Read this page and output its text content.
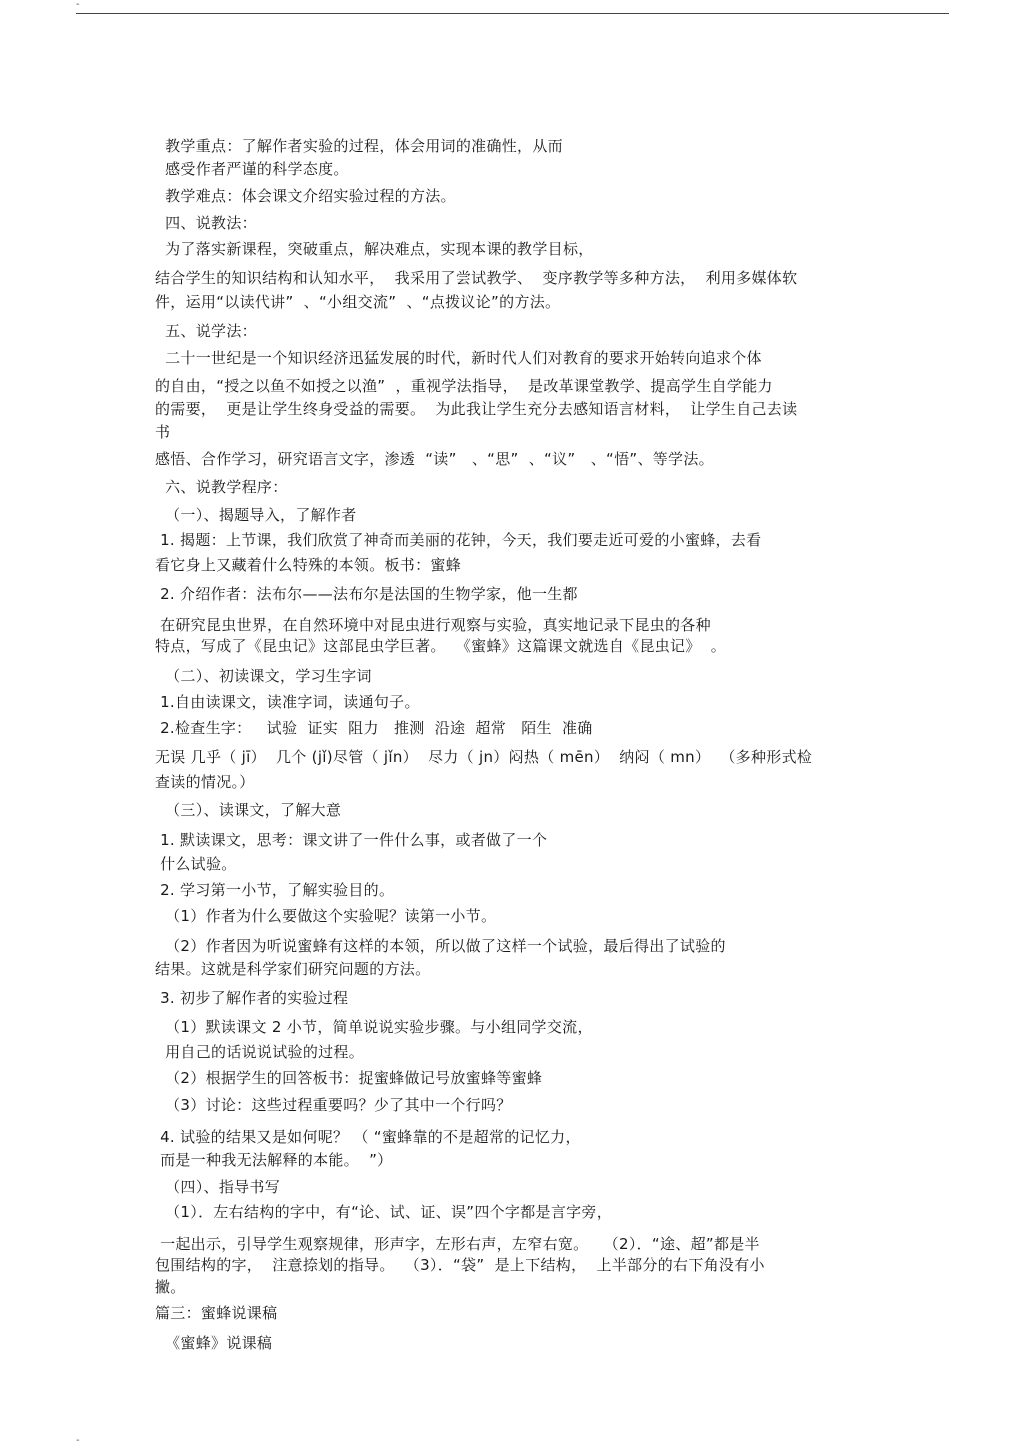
-
教学重点：了解作者实验的过程，体会用词的准确性，从而
感受作者严谨的科学态度。
教学难点：体会课文介绍实验过程的方法。
四、说教法：
为了落实新课程，突破重点，解决难点，实现本课的教学目标，
结合学生的知识结构和认知水平，  我采用了尝试教学、  变序教学等多种方法，  利用多媒体软
件，运用“以读代讲”  、“小组交流”  、“点拨议论”的方法。
五、说学法：
二十一世纪是一个知识经济迅猛发展的时代，新时代人们对教育的要求开始转向追求个体
的自由，“授之以鱼不如授之以渔”  ，重视学法指导，  是改革课堂教学、提高学生自学能力
的需要，  更是让学生终身受益的需要。  为此我让学生充分去感知语言材料，  让学生自己去读
书
感悟、合作学习，研究语言文字，渗透  “读”   、“思”  、“议”   、“悟”、等学法。
六、说教学程序：
（一）、揭题导入，了解作者
1. 揭题：上节课，我们欣赏了神奇而美丽的花钟，今天，我们要走近可爱的小蜜蜂，去看
看它身上又藏着什么特殊的本领。板书：蜜蜂
2. 介绍作者：法布尔——法布尔是法国的生物学家，他一生都
在研究昆虫世界，在自然环境中对昆虫进行观察与实验，真实地记录下昆虫的各种
特点，写成了《昆虫记》这部昆虫学巨著。  《蜜蜂》这篇课文就选自《昆虫记》  。
（二）、初读课文，学习生字词
1.自由读课文，读准字词，读通句子。
2.检查生字：   试验  证实  阻力   推测  沿途  超常   陌生  准确
无误 几乎（ jī）  几个 (jǐ)尽管（ jǐn）  尽力（ jn）闷热（ mēn）  纳闷（ mn）  （多种形式检
查读的情况。）
（三）、读课文，了解大意
1. 默读课文，思考：课文讲了一件什么事，或者做了一个
什么试验。
2. 学习第一小节，了解实验目的。
（1）作者为什么要做这个实验呢？读第一小节。
（2）作者因为听说蜜蜂有这样的本领，所以做了这样一个试验，最后得出了试验的
结果。这就是科学家们研究问题的方法。
3. 初步了解作者的实验过程
（1）默读课文 2 小节，简单说说实验步骤。与小组同学交流，
用自己的话说说试验的过程。
（2）根据学生的回答板书：捉蜜蜂做记号放蜜蜂等蜜蜂
（3）讨论：这些过程重要吗？少了其中一个行吗？
4. 试验的结果又是如何呢？ （ “蜜蜂靠的不是超常的记忆力，
而是一种我无法解释的本能。  ”）
（四）、指导书写
（1）．左右结构的字中，有“论、试、证、误”四个字都是言字旁，
一起出示，引导学生观察规律，形声字，左形右声，左窄右宽。   （2）．“途、超”都是半
包围结构的字，  注意捺划的指导。  （3）．“袋”  是上下结构，  上半部分的右下角没有小
撇。
篇三：蜜蜂说课稿
《蜜蜂》说课稿
-
